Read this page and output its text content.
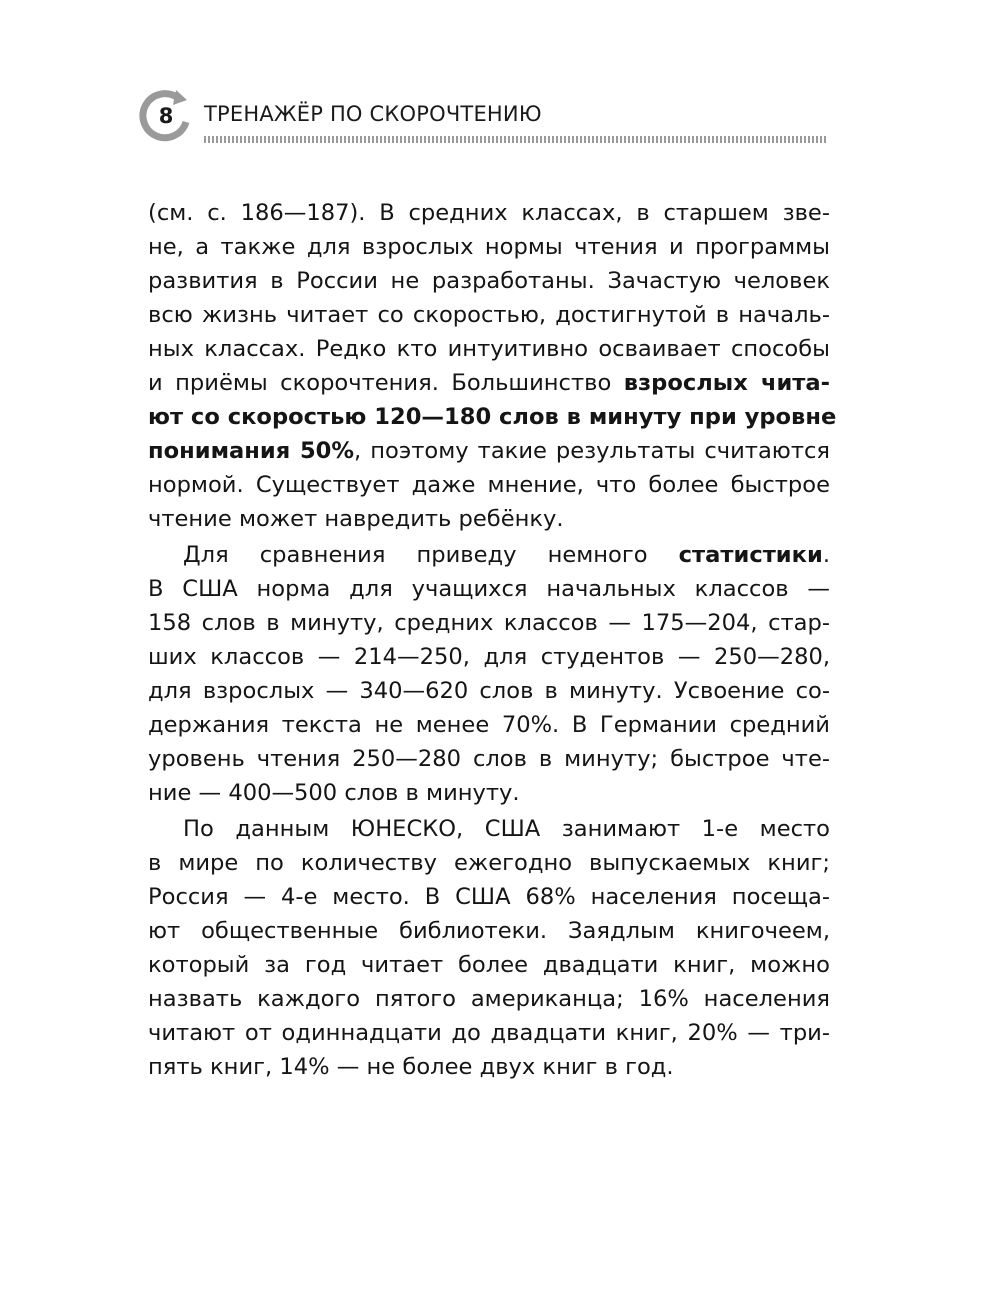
8	ТРЕНАЖЁР ПО СКОРОЧТЕНИЮ
(см. с. 186—187). В средних классах, в старшем зве-
не, а также для взрослых нормы чтения и программы
развития в России не разработаны. Зачастую человек
всю жизнь читает со скоростью, достигнутой в началь-
ных классах. Редко кто интуитивно осваивает способы
и приёмы скорочтения. Большинство взрослых чита-
ют со скоростью 120—180 слов в минуту при уровне
понимания 50%, поэтому такие результаты считаются
нормой. Существует даже мнение, что более быстрое
чтение может навредить ребёнку.
Для сравнения приведу немного статистики.
В США норма для учащихся начальных классов —
158 слов в минуту, средних классов — 175—204, стар-
ших классов — 214—250, для студентов — 250—280,
для взрослых — 340—620 слов в минуту. Усвоение со-
держания текста не менее 70%. В Германии средний
уровень чтения 250—280 слов в минуту; быстрое чте-
ние — 400—500 слов в минуту.
По данным ЮНЕСКО, США занимают 1-е место
в мире по количеству ежегодно выпускаемых книг;
Россия — 4-е место. В США 68% населения посеща-
ют общественные библиотеки. Заядлым книгочеем,
который за год читает более двадцати книг, можно
назвать каждого пятого американца; 16% населения
читают от одиннадцати до двадцати книг, 20% — три-
пять книг, 14% — не более двух книг в год.
